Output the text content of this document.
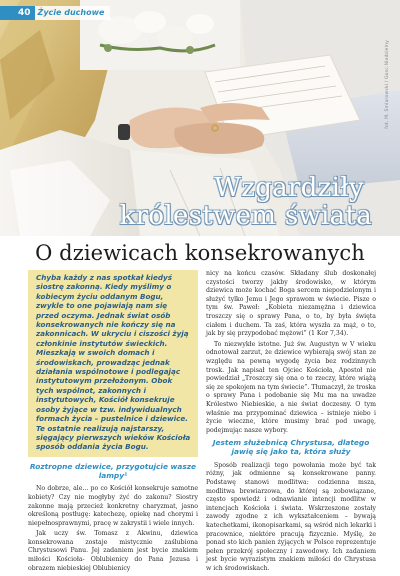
40 Życie duchowe
fot. M. Śmiarowski / Gosc.Niedzielny
Wzgardziły
królestwem świata
O dziewicach konsekrowanych
Chyba każdy z nas spotkał kiedyś siostrę zakonną. Kiedy myślimy o kobiecym życiu oddanym Bogu, zwykle to one pojawiają nam się przed oczyma. Jednak świat osób konsekrowanych nie kończy się na zakonnicach. W ukryciu i ciszości żyją członkinie instytutów świeckich. Mieszkają w swoich domach i środowiskach, prowadząc jednak działania wspólnotowe i podlegając instytutowym przełożonym. Obok tych wspólnot, zakonnych i instytutowych, Kościół konsekruje osoby żyjące w tzw. indywidualnych formach życia – pustelnice i dziewice. Te ostatnie realizują najstarszy, sięgający pierwszych wieków Kościoła sposób oddania życia Bogu.
Roztropne dziewice, przygotujcie wasze lampy¹

No dobrze, ale... po co Kościół konsekruje samotne kobiety? Czy nie mogłyby żyć do zakonu? Siostry zakonne mają przecież konkretny charyzmat, jasno określoną postługę: katechezę, opiekę nad chorymi i niepełnosprawnymi, pracę w zakrystii i wiele innych.

Jak uczy św. Tomasz z Akwinu, dziewica konsekrowana zostaje mistycznie zaślubiona Chrystusowi Panu. Jej zadaniem jest bycie znakiem miłości Kościoła- Oblubienicy do Pana Jezusa i obrazem niebieskiej Oblubienicy

nicy na końcu czasów. Składany ślub doskonałej czystości tworzy jakby środowisko, w którym dziewica może kochać Boga sercem niepodzielonym i służyć tylko Jemu i Jego sprawom w świecie. Pisze o tym św. Paweł: „Kobieta niezamężna i dziewica troszczy się o sprawy Pana, o to, by była święta ciałem i duchem. Ta zaś, która wyszła za mąż, o to, jak by się przypodobać mężowi” (1 Kor 7,34).

To niezwykłe istotne. Już św. Augustyn w V wieku odnotował zarzut, że dziewice wybierają swój stan ze względu na pewną wygodę życia bez rodzinnych trosk. Jak napisał ten Ojciec Kościoła, Apostoł nie powiedział „Troszczy się ona o te rzeczy, które wiążą się ze spokojem na tym świecie”. Tłumaczył, że troska o sprawy Pana i podobanie się Mu ma na uwadze Królestwo Niebieskie, a nie świat doczesny. O tym właśnie ma przypominać dziewica – istnieje niebo i życie wieczne, które musimy brać pod uwagę, podejmując nasze wybory.

Jestem służebnicą Chrystusa, dlatego jawię się jako ta, która służy

Sposób realizacji tego powołania może być tak różny, jak odmienne są konsekrowane panny. Podstawę stanowi modlitwa: codzienna msza, modlitwa brewiarzowa, do której są zobowiązane, często spowiedź i odnawianie intencji modlitw w intencjach Kościoła i świata. Wskrzeszone zostały zawody zgodne z ich wykształceniem – bywają katechetkami, ikonopisarkami, są wśród nich lekarki i pracownice, niektóre pracują fizycznie. Myślę, że ponad sto kich panien żyjących w Polsce reprezentuje pełen przekrój społeczny i zawodowy. Ich zadaniem jest bycie wyrazistym znakiem miłości do Chrystusa w ich środowiskach.
